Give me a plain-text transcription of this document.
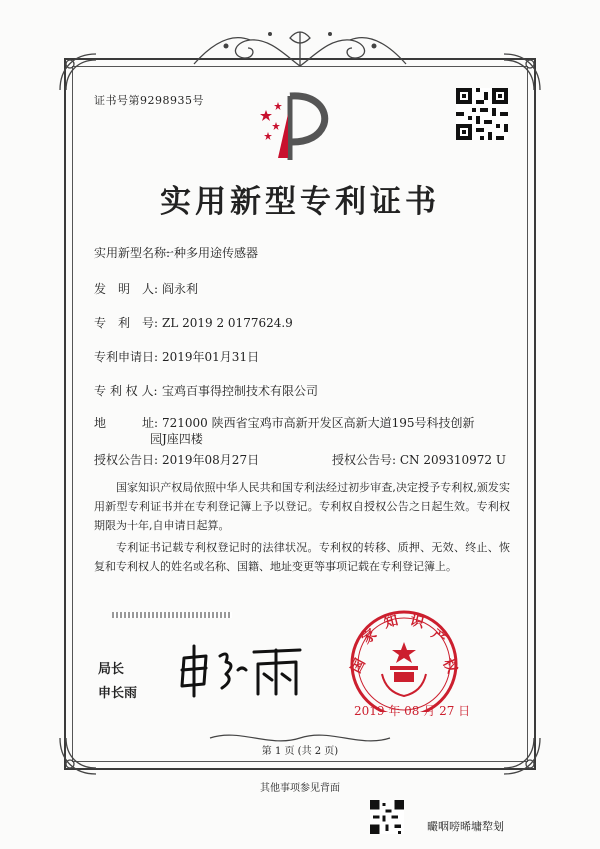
证书号第9298935号
实用新型专利证书
实用新型名称:一种多用途传感器
发　明　人: 阎永利
专　利　号: ZL 2019 2 0177624.9
专利申请日: 2019年01月31日
专 利 权 人: 宝鸡百事得控制技术有限公司
地　　　址: 721000 陕西省宝鸡市高新开发区高新大道195号科技创新
园J座四楼
授权公告日: 2019年08月27日	授权公告号: CN 209310972 U

国家知识产权局依照中华人民共和国专利法经过初步审查,决定授予专利权,颁发实用新型专利证书并在专利登记簿上予以登记。专利权自授权公告之日起生效。专利权期限为十年,自申请日起算。

专利证书记载专利权登记时的法律状况。专利权的转移、质押、无效、终止、恢复和专利权人的姓名或名称、国籍、地址变更等事项记载在专利登记簿上。

局长
申长雨
国
家
知 识
产
权
2019 年 08 月 27 日
第 1 页 (共 2 页)
其他事项参见背面
曮咽嗙晞墉犂刬
